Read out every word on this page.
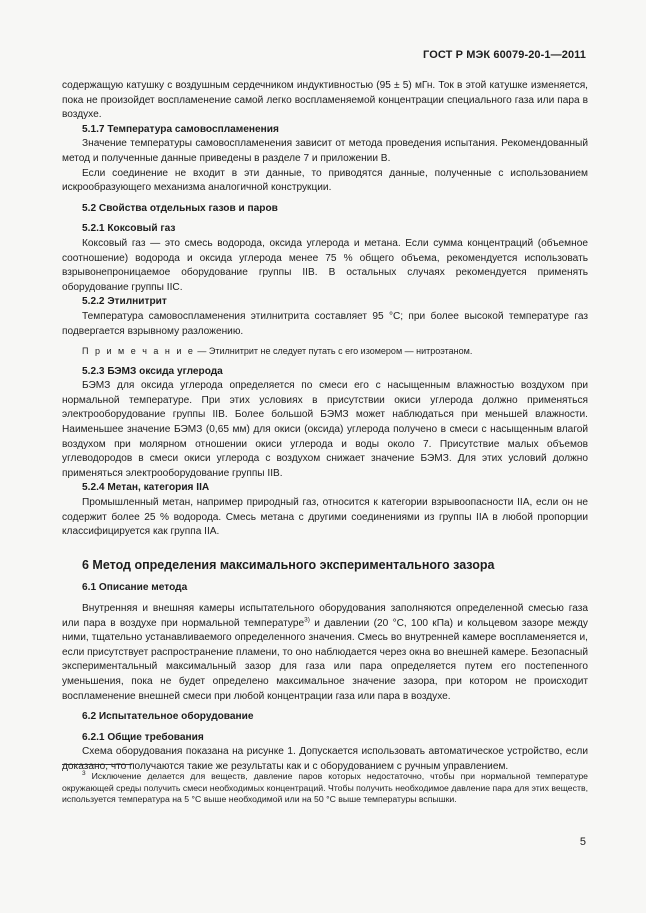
ГОСТ Р МЭК 60079-20-1—2011

содержащую катушку с воздушным сердечником индуктивностью (95 ± 5) мГн. Ток в этой катушке изменяется, пока не произойдет воспламенение самой легко воспламеняемой концентрации специального газа или пара в воздухе.

5.1.7 Температура самовоспламенения

Значение температуры самовоспламенения зависит от метода проведения испытания. Рекомендованный метод и полученные данные приведены в разделе 7 и приложении В.

Если соединение не входит в эти данные, то приводятся данные, полученные с использованием искрообразующего механизма аналогичной конструкции.

5.2 Свойства отдельных газов и паров

5.2.1 Коксовый газ

Коксовый газ — это смесь водорода, оксида углерода и метана. Если сумма концентраций (объемное соотношение) водорода и оксида углерода менее 75 % общего объема, рекомендуется использовать взрывонепроницаемое оборудование группы IIB. В остальных случаях рекомендуется применять оборудование группы IIC.

5.2.2 Этилнитрит

Температура самовоспламенения этилнитрита составляет 95 °С; при более высокой температуре газ подвергается взрывному разложению.

П р и м е ч а н и е — Этилнитрит не следует путать с его изомером — нитроэтаном.

5.2.3 БЭМЗ оксида углерода

БЭМЗ для оксида углерода определяется по смеси его с насыщенным влажностью воздухом при нормальной температуре. При этих условиях в присутствии окиси углерода должно применяться электрооборудование группы IIB. Более большой БЭМЗ может наблюдаться при меньшей влажности. Наименьшее значение БЭМЗ (0,65 мм) для окиси (оксида) углерода получено в смеси с насыщенным влагой воздухом при молярном отношении окиси углерода и воды около 7. Присутствие малых объемов углеводородов в смеси окиси углерода с воздухом снижает значение БЭМЗ. Для этих условий должно применяться электрооборудование группы IIB.

5.2.4 Метан, категория IIA

Промышленный метан, например природный газ, относится к категории взрывоопасности IIA, если он не содержит более 25 % водорода. Смесь метана с другими соединениями из группы IIA в любой пропорции классифицируется как группа IIA.

6 Метод определения максимального экспериментального зазора

6.1 Описание метода

Внутренняя и внешняя камеры испытательного оборудования заполняются определенной смесью газа или пара в воздухе при нормальной температуре$^{3)}$ и давлении (20 °С, 100 кПа) и кольцевом зазоре между ними, тщательно устанавливаемого определенного значения. Смесь во внутренней камере воспламеняется и, если присутствует распространение пламени, то оно наблюдается через окна во внешней камере. Безопасный экспериментальный максимальный зазор для газа или пара определяется путем его постепенного уменьшения, пока не будет определено максимальное значение зазора, при котором не происходит воспламенение внешней смеси при любой концентрации газа или пара в воздухе.

6.2 Испытательное оборудование

6.2.1 Общие требования

Схема оборудования показана на рисунке 1. Допускается использовать автоматическое устройство, если доказано, что получаются такие же результаты как и с оборудованием с ручным управлением.

$^3$ Исключение делается для веществ, давление паров которых недостаточно, чтобы при нормальной температуре окружающей среды получить смеси необходимых концентраций. Чтобы получить необходимое давление пара для этих веществ, используется температура на 5 °С выше необходимой или на 50 °С выше температуры вспышки.

5
